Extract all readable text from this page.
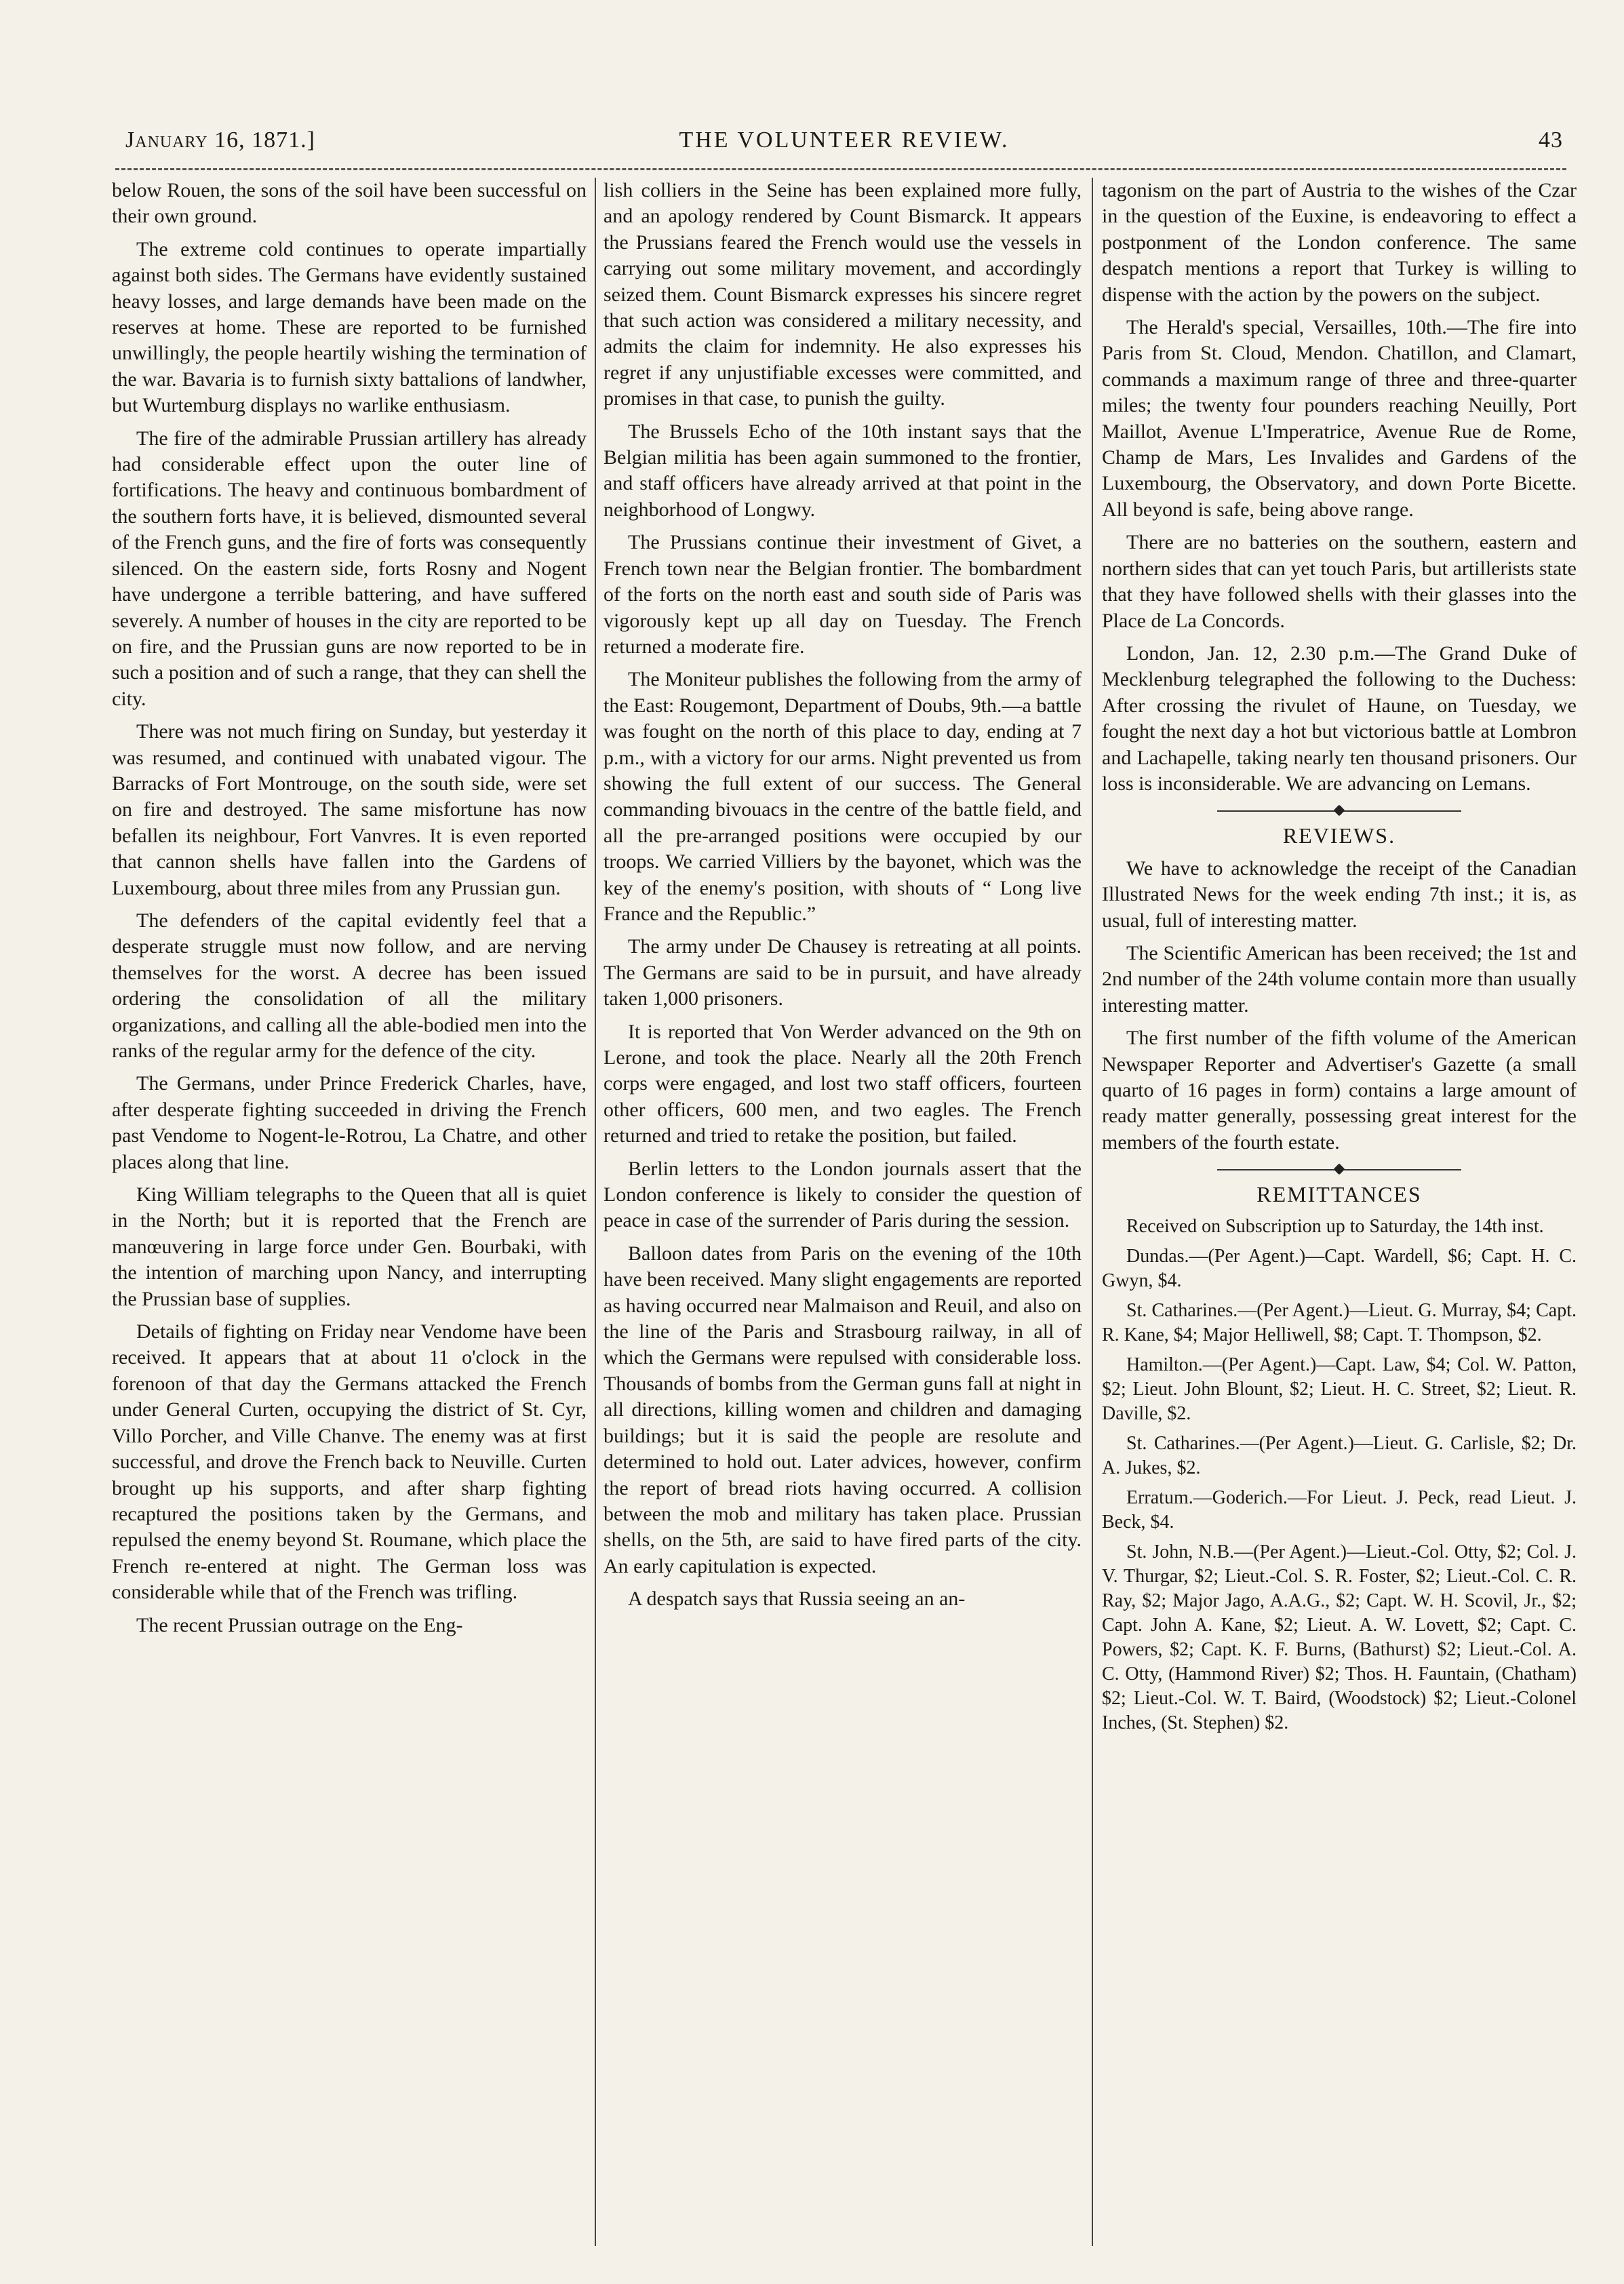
January 16, 1871.]	THE VOLUNTEER REVIEW.	43

below Rouen, the sons of the soil have been successful on their own ground.

The extreme cold continues to operate impartially against both sides. The Germans have evidently sustained heavy losses, and large demands have been made on the reserves at home. These are reported to be furnished unwillingly, the people heartily wishing the termination of the war. Bavaria is to furnish sixty battalions of landwher, but Wurtemburg displays no warlike enthusiasm.

The fire of the admirable Prussian artillery has already had considerable effect upon the outer line of fortifications. The heavy and continuous bombardment of the southern forts have, it is believed, dismounted several of the French guns, and the fire of forts was consequently silenced. On the eastern side, forts Rosny and Nogent have undergone a terrible battering, and have suffered severely. A number of houses in the city are reported to be on fire, and the Prussian guns are now reported to be in such a position and of such a range, that they can shell the city.

There was not much firing on Sunday, but yesterday it was resumed, and continued with unabated vigour. The Barracks of Fort Montrouge, on the south side, were set on fire and destroyed. The same misfortune has now befallen its neighbour, Fort Vanvres. It is even reported that cannon shells have fallen into the Gardens of Luxembourg, about three miles from any Prussian gun.

The defenders of the capital evidently feel that a desperate struggle must now follow, and are nerving themselves for the worst. A decree has been issued ordering the consolidation of all the military organizations, and calling all the able-bodied men into the ranks of the regular army for the defence of the city.

The Germans, under Prince Frederick Charles, have, after desperate fighting succeeded in driving the French past Vendome to Nogent-le-Rotrou, La Chatre, and other places along that line.

King William telegraphs to the Queen that all is quiet in the North; but it is reported that the French are manœuvering in large force under Gen. Bourbaki, with the intention of marching upon Nancy, and interrupting the Prussian base of supplies.

Details of fighting on Friday near Vendome have been received. It appears that at about 11 o'clock in the forenoon of that day the Germans attacked the French under General Curten, occupying the district of St. Cyr, Villo Porcher, and Ville Chanve. The enemy was at first successful, and drove the French back to Neuville. Curten brought up his supports, and after sharp fighting recaptured the positions taken by the Germans, and repulsed the enemy beyond St. Roumane, which place the French re-entered at night. The German loss was considerable while that of the French was trifling.

The recent Prussian outrage on the Eng-

lish colliers in the Seine has been explained more fully, and an apology rendered by Count Bismarck. It appears the Prussians feared the French would use the vessels in carrying out some military movement, and accordingly seized them. Count Bismarck expresses his sincere regret that such action was considered a military necessity, and admits the claim for indemnity. He also expresses his regret if any unjustifiable excesses were committed, and promises in that case, to punish the guilty.

The Brussels Echo of the 10th instant says that the Belgian militia has been again summoned to the frontier, and staff officers have already arrived at that point in the neighborhood of Longwy.

The Prussians continue their investment of Givet, a French town near the Belgian frontier. The bombardment of the forts on the north east and south side of Paris was vigorously kept up all day on Tuesday. The French returned a moderate fire.

The Moniteur publishes the following from the army of the East: Rougemont, Department of Doubs, 9th.—a battle was fought on the north of this place to day, ending at 7 p.m., with a victory for our arms. Night prevented us from showing the full extent of our success. The General commanding bivouacs in the centre of the battle field, and all the pre-arranged positions were occupied by our troops. We carried Villiers by the bayonet, which was the key of the enemy's position, with shouts of “ Long live France and the Republic.”

The army under De Chausey is retreating at all points. The Germans are said to be in pursuit, and have already taken 1,000 prisoners.

It is reported that Von Werder advanced on the 9th on Lerone, and took the place. Nearly all the 20th French corps were engaged, and lost two staff officers, fourteen other officers, 600 men, and two eagles. The French returned and tried to retake the position, but failed.

Berlin letters to the London journals assert that the London conference is likely to consider the question of peace in case of the surrender of Paris during the session.

Balloon dates from Paris on the evening of the 10th have been received. Many slight engagements are reported as having occurred near Malmaison and Reuil, and also on the line of the Paris and Strasbourg railway, in all of which the Germans were repulsed with considerable loss. Thousands of bombs from the German guns fall at night in all directions, killing women and children and damaging buildings; but it is said the people are resolute and determined to hold out. Later advices, however, confirm the report of bread riots having occurred. A collision between the mob and military has taken place. Prussian shells, on the 5th, are said to have fired parts of the city. An early capitulation is expected.

A despatch says that Russia seeing an an-

tagonism on the part of Austria to the wishes of the Czar in the question of the Euxine, is endeavoring to effect a postponment of the London conference. The same despatch mentions a report that Turkey is willing to dispense with the action by the powers on the subject.

The Herald's special, Versailles, 10th.—The fire into Paris from St. Cloud, Mendon. Chatillon, and Clamart, commands a maximum range of three and three-quarter miles; the twenty four pounders reaching Neuilly, Port Maillot, Avenue L'Imperatrice, Avenue Rue de Rome, Champ de Mars, Les Invalides and Gardens of the Luxembourg, the Observatory, and down Porte Bicette. All beyond is safe, being above range.

There are no batteries on the southern, eastern and northern sides that can yet touch Paris, but artillerists state that they have followed shells with their glasses into the Place de La Concords.

London, Jan. 12, 2.30 p.m.—The Grand Duke of Mecklenburg telegraphed the following to the Duchess: After crossing the rivulet of Haune, on Tuesday, we fought the next day a hot but victorious battle at Lombron and Lachapelle, taking nearly ten thousand prisoners. Our loss is inconsiderable. We are advancing on Lemans.

REVIEWS.

We have to acknowledge the receipt of the Canadian Illustrated News for the week ending 7th inst.; it is, as usual, full of interesting matter.

The Scientific American has been received; the 1st and 2nd number of the 24th volume contain more than usually interesting matter.

The first number of the fifth volume of the American Newspaper Reporter and Advertiser's Gazette (a small quarto of 16 pages in form) contains a large amount of ready matter generally, possessing great interest for the members of the fourth estate.

REMITTANCES

Received on Subscription up to Saturday, the 14th inst.

Dundas.—(Per Agent.)—Capt. Wardell, $6; Capt. H. C. Gwyn, $4.

St. Catharines.—(Per Agent.)—Lieut. G. Murray, $4; Capt. R. Kane, $4; Major Helliwell, $8; Capt. T. Thompson, $2.

Hamilton.—(Per Agent.)—Capt. Law, $4; Col. W. Patton, $2; Lieut. John Blount, $2; Lieut. H. C. Street, $2; Lieut. R. Daville, $2.

St. Catharines.—(Per Agent.)—Lieut. G. Carlisle, $2; Dr. A. Jukes, $2.

Erratum.—Goderich.—For Lieut. J. Peck, read Lieut. J. Beck, $4.

St. John, N.B.—(Per Agent.)—Lieut.-Col. Otty, $2; Col. J. V. Thurgar, $2; Lieut.-Col. S. R. Foster, $2; Lieut.-Col. C. R. Ray, $2; Major Jago, A.A.G., $2; Capt. W. H. Scovil, Jr., $2; Capt. John A. Kane, $2; Lieut. A. W. Lovett, $2; Capt. C. Powers, $2; Capt. K. F. Burns, (Bathurst) $2; Lieut.-Col. A. C. Otty, (Hammond River) $2; Thos. H. Fauntain, (Chatham) $2; Lieut.-Col. W. T. Baird, (Woodstock) $2; Lieut.-Colonel Inches, (St. Stephen) $2.
